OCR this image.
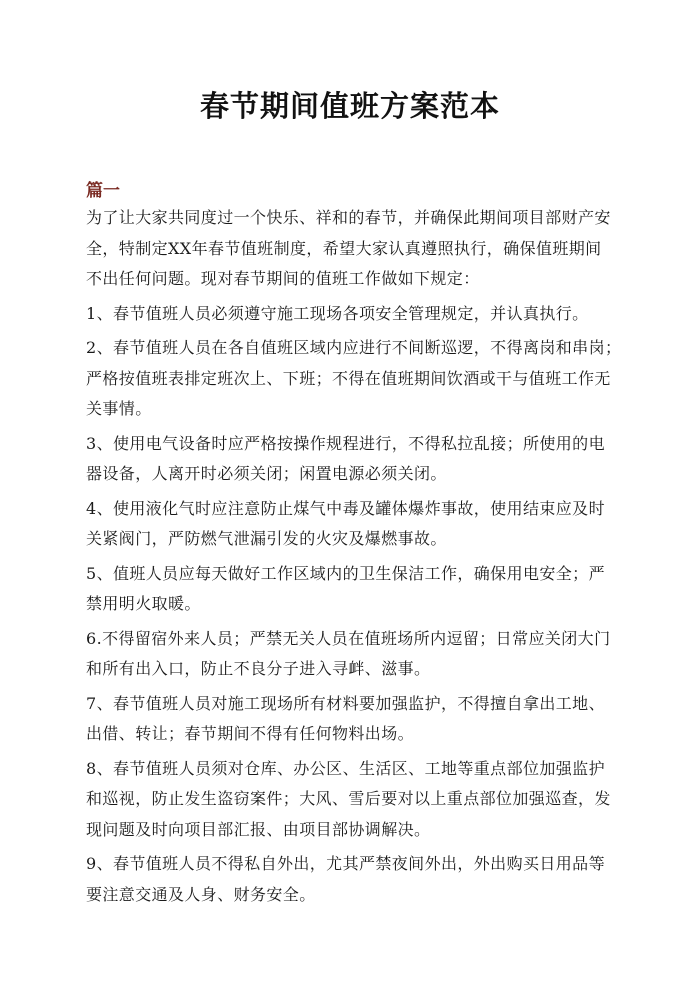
春节期间值班方案范本
篇一
为了让大家共同度过一个快乐、祥和的春节，并确保此期间项目部财产安
全，特制定XX年春节值班制度，希望大家认真遵照执行，确保值班期间
不出任何问题。现对春节期间的值班工作做如下规定：
1、春节值班人员必须遵守施工现场各项安全管理规定，并认真执行。
2、春节值班人员在各自值班区域内应进行不间断巡逻，不得离岗和串岗；
严格按值班表排定班次上、下班；不得在值班期间饮酒或干与值班工作无
关事情。
3、使用电气设备时应严格按操作规程进行，不得私拉乱接；所使用的电
器设备，人离开时必须关闭；闲置电源必须关闭。
4、使用液化气时应注意防止煤气中毒及罐体爆炸事故，使用结束应及时
关紧阀门，严防燃气泄漏引发的火灾及爆燃事故。
5、值班人员应每天做好工作区域内的卫生保洁工作，确保用电安全；严
禁用明火取暖。
6.不得留宿外来人员；严禁无关人员在值班场所内逗留；日常应关闭大门
和所有出入口，防止不良分子进入寻衅、滋事。
7、春节值班人员对施工现场所有材料要加强监护，不得擅自拿出工地、
出借、转让；春节期间不得有任何物料出场。
8、春节值班人员须对仓库、办公区、生活区、工地等重点部位加强监护
和巡视，防止发生盗窃案件；大风、雪后要对以上重点部位加强巡查，发
现问题及时向项目部汇报、由项目部协调解决。
9、春节值班人员不得私自外出，尤其严禁夜间外出，外出购买日用品等
要注意交通及人身、财务安全。
